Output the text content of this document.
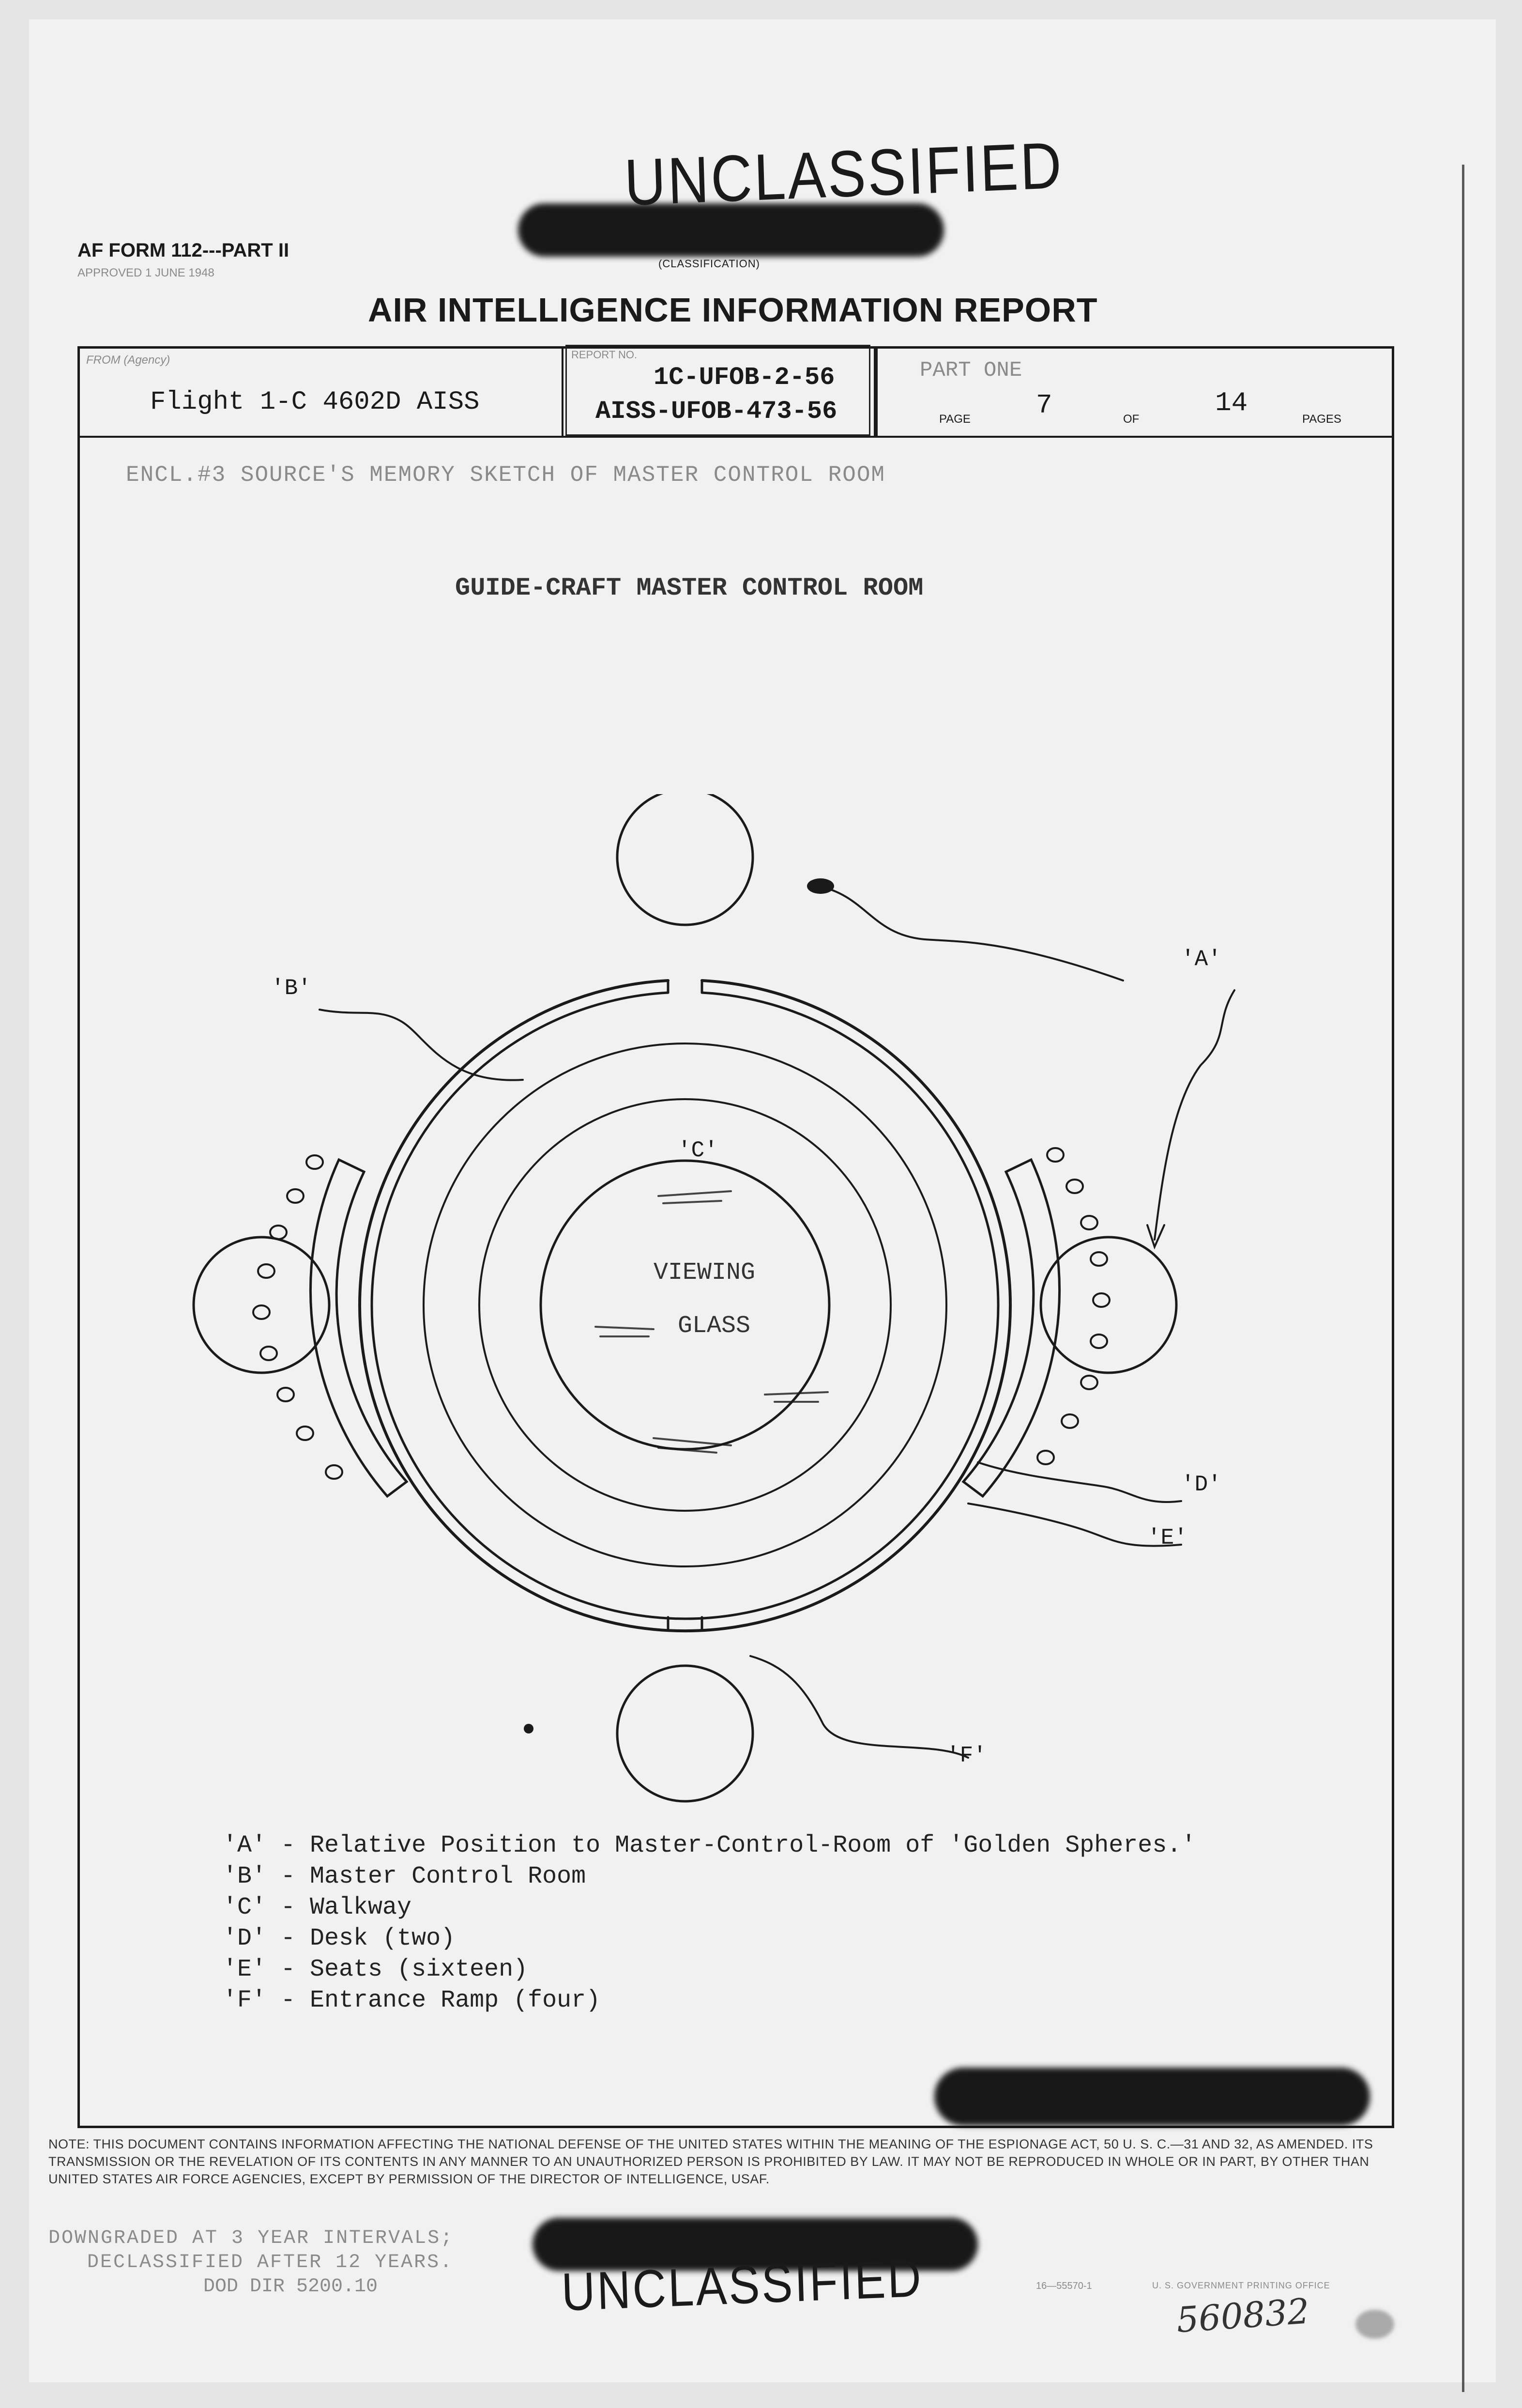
UNCLASSIFIED
(CLASSIFICATION)
AF FORM 112---PART II
APPROVED 1 JUNE 1948
AIR INTELLIGENCE INFORMATION REPORT
FROM (Agency)
Flight 1-C 4602D AISS
REPORT NO.
1C-UFOB-2-56
AISS-UFOB-473-56
PART ONE
7
PAGE	OF
14
PAGES
ENCL.#3 SOURCE'S MEMORY SKETCH OF MASTER CONTROL ROOM
GUIDE-CRAFT MASTER CONTROL ROOM
'A'
'B'
'C'
'D'
'E'
'F'
VIEWING
GLASS
'A' - Relative Position to Master-Control-Room of 'Golden Spheres.'
'B' - Master Control Room
'C' - Walkway
'D' - Desk (two)
'E' - Seats (sixteen)
'F' - Entrance Ramp (four)
NOTE: THIS DOCUMENT CONTAINS INFORMATION AFFECTING THE NATIONAL DEFENSE OF THE UNITED STATES WITHIN THE MEANING OF THE ESPIONAGE ACT, 50 U. S. C.—31 AND 32, AS AMENDED. ITS TRANSMISSION OR THE REVELATION OF ITS CONTENTS IN ANY MANNER TO AN UNAUTHORIZED PERSON IS PROHIBITED BY LAW. IT MAY NOT BE REPRODUCED IN WHOLE OR IN PART, BY OTHER THAN UNITED STATES AIR FORCE AGENCIES, EXCEPT BY PERMISSION OF THE DIRECTOR OF INTELLIGENCE, USAF.
DOWNGRADED AT 3 YEAR INTERVALS;
DECLASSIFIED AFTER 12 YEARS.
DOD DIR 5200.10	UNCLASSIFIED	16—55570-1	U. S. GOVERNMENT PRINTING OFFICE
560832
